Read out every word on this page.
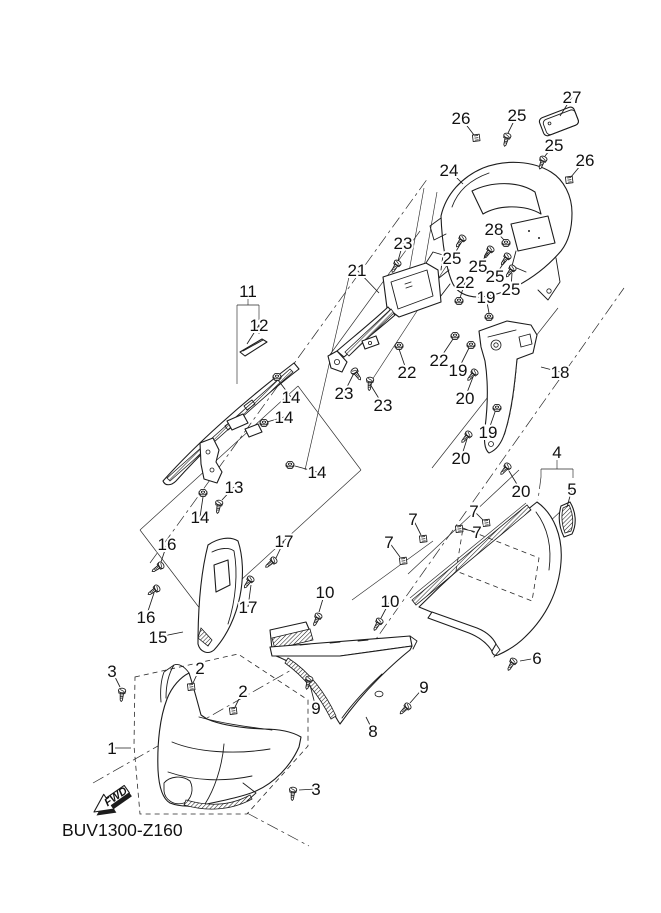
FWD
27
26 25
25
26
24
28
23
25 25
25
25
21
22
19
11
12
22
22 19
20
18
23
23
14
14
19
20
14
4
5
20
13
14	7	7
7
7
16	17
17
16
15
10	10
6
3	2
2
9
9
8
1
3
BUV1300-Z160
